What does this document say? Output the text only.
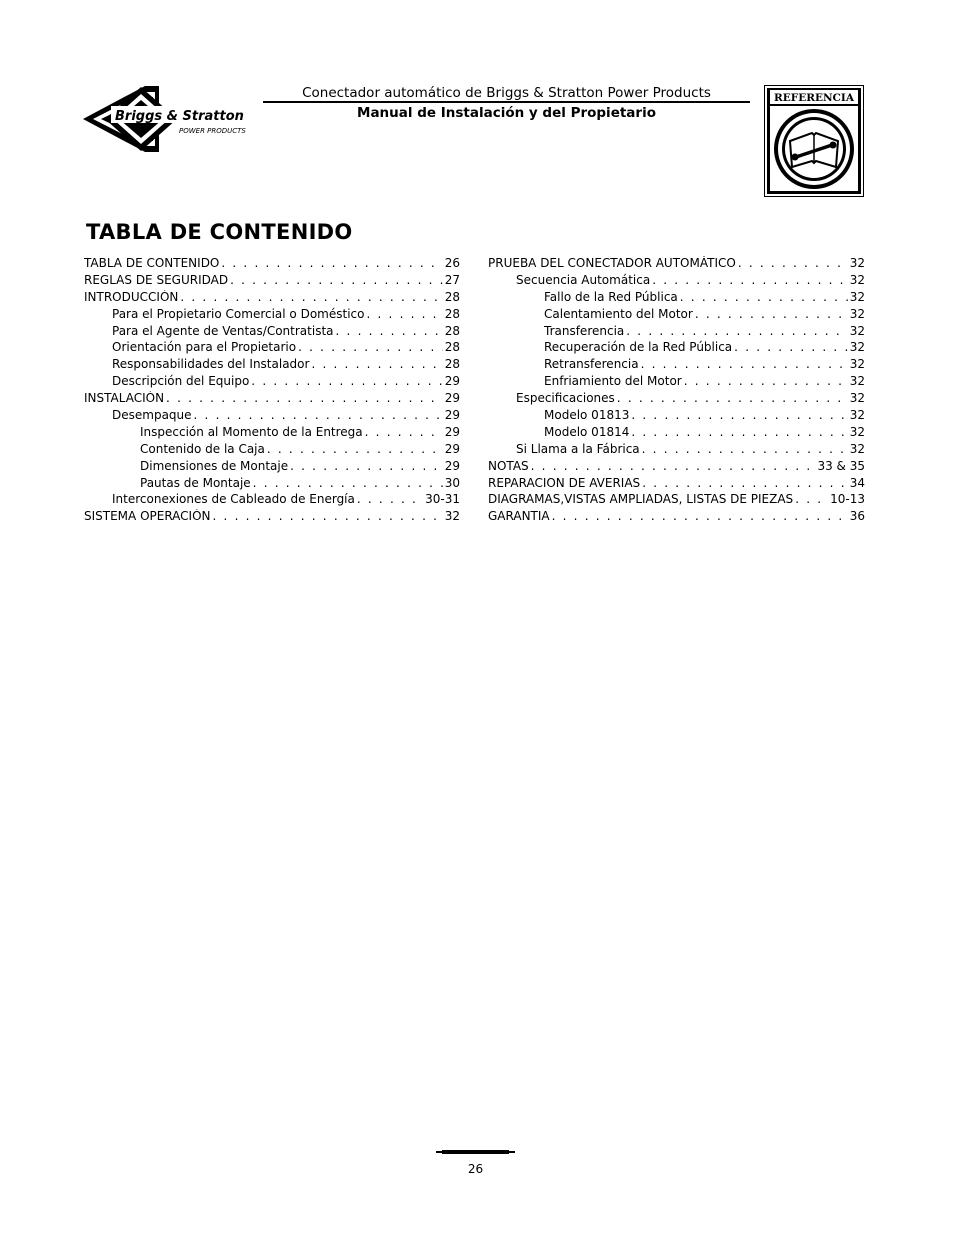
Briggs & Stratton
POWER PRODUCTS
Conectador automático de Briggs & Stratton Power Products
Manual de Instalación y del Propietario
REFERENCIA
TABLA DE CONTENIDO
TABLA DE CONTENIDO . . .	26
REGLAS DE SEGURIDAD . . .	27
INTRODUCCIÓN . . .	28
Para el Propietario Comercial o Doméstico . . .	28
Para el Agente de Ventas/Contratista . . .	28
Orientación para el Propietario . . .	28
Responsabilidades del Instalador . . .	28
Descripción del Equipo . . .	29
INSTALACIÓN . . .	29
Desempaque . . .	29
Inspección al Momento de la Entrega . . .	29
Contenido de la Caja . . .	29
Dimensiones de Montaje . . .	29
Pautas de Montaje . . .	30
Interconexiones de Cableado de Energía . . .	30-31
SISTEMA OPERACIÓN . . .	32
PRUEBA DEL CONECTADOR AUTOMÁTICO . . .	32
Secuencia Automática . . .	32
Fallo de la Red Pública . . .	32
Calentamiento del Motor . . .	32
Transferencia . . .	32
Recuperación de la Red Pública . . .	32
Retransferencia . . .	32
Enfriamiento del Motor . . .	32
Especificaciones . . .	32
Modelo 01813 . . .	32
Modelo 01814 . . .	32
Si Llama a la Fábrica . . .	32
NOTAS . . .	33 & 35
REPARACION DE AVERIAS . . .	34
DIAGRAMAS,VISTAS AMPLIADAS, LISTAS DE PIEZAS . . .	10-13
GARANTIA . . .	36
26
